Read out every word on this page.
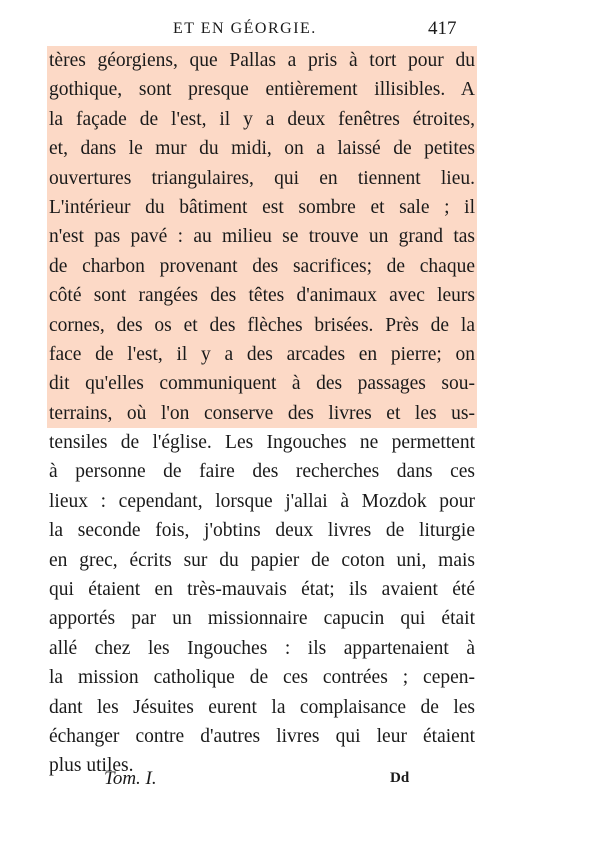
ET EN GÉORGIE.	417
tères géorgiens, que Pallas a pris à tort pour du
gothique, sont presque entièrement illisibles. A
la façade de l'est, il y a deux fenêtres étroites,
et, dans le mur du midi, on a laissé de petites
ouvertures triangulaires, qui en tiennent lieu.
L'intérieur du bâtiment est sombre et sale ; il
n'est pas pavé : au milieu se trouve un grand tas
de charbon provenant des sacrifices; de chaque
côté sont rangées des têtes d'animaux avec leurs
cornes, des os et des flèches brisées. Près de la
face de l'est, il y a des arcades en pierre; on
dit qu'elles communiquent à des passages sou-
terrains, où l'on conserve des livres et les us-
tensiles de l'église. Les Ingouches ne permettent
à personne de faire des recherches dans ces
lieux : cependant, lorsque j'allai à Mozdok pour
la seconde fois, j'obtins deux livres de liturgie
en grec, écrits sur du papier de coton uni, mais
qui étaient en très-mauvais état; ils avaient été
apportés par un missionnaire capucin qui était
allé chez les Ingouches : ils appartenaient à
la mission catholique de ces contrées ; cepen-
dant les Jésuites eurent la complaisance de les
échanger contre d'autres livres qui leur étaient
plus utiles.
Tom. I.	Dd
